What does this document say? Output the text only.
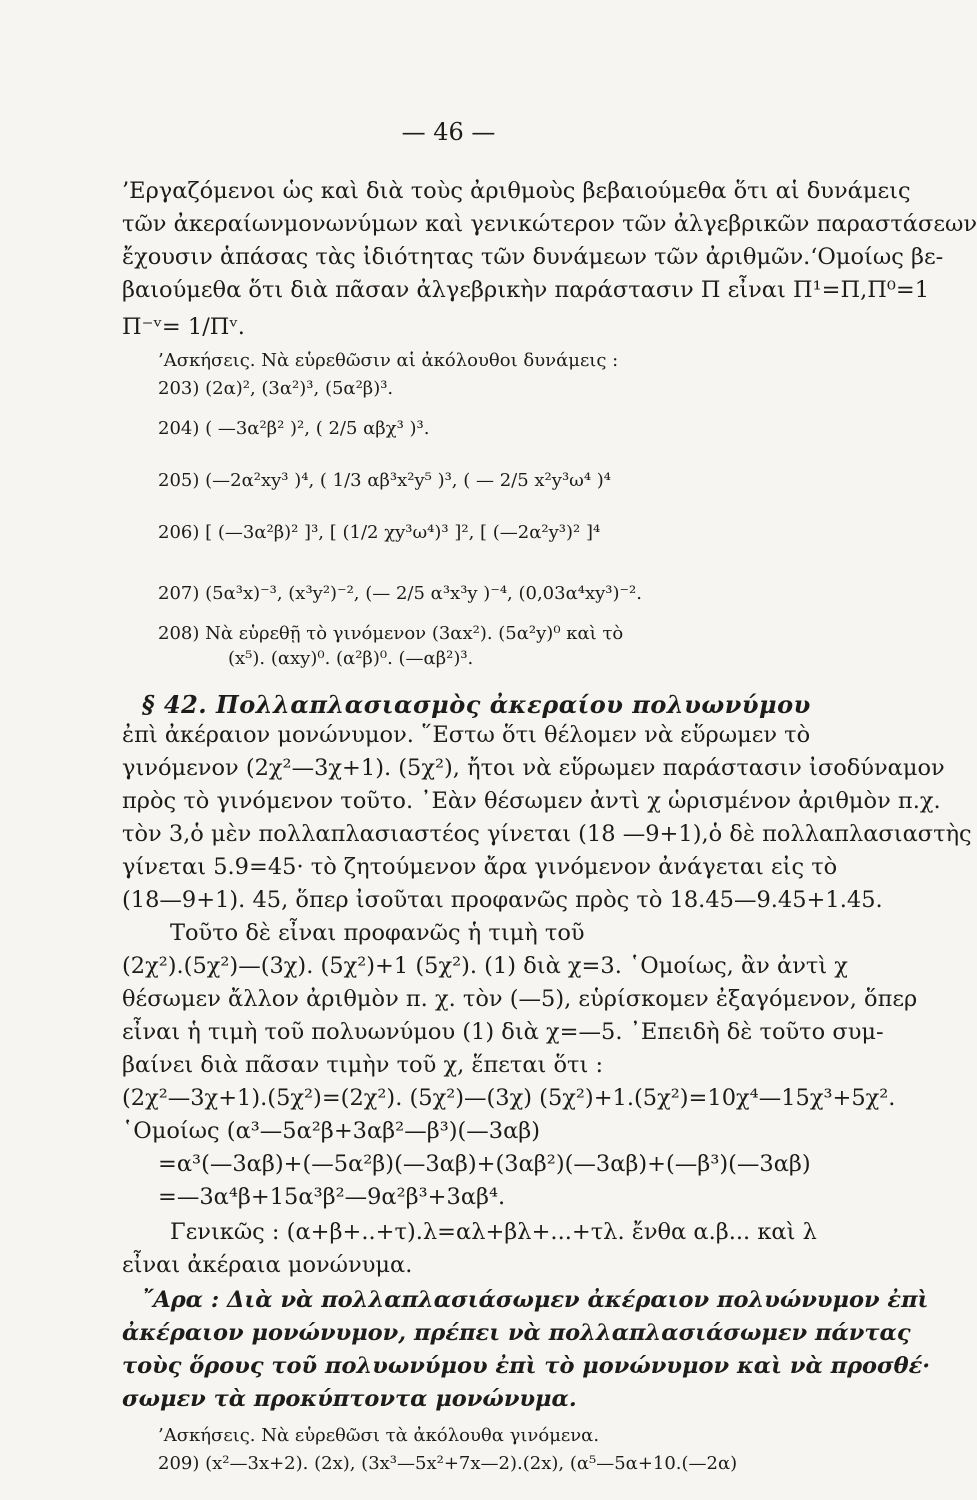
— 46 —
’Εργαζόμενοι ὡς καὶ διὰ τοὺς ἀριθμοὺς βεβαιούμεθα ὅτι αἱ δυνάμεις
τῶν ἀκεραίωνμονωνύμων καὶ γενικώτερον τῶν ἀλγεβρικῶν παραστάσεων
ἔχουσιν ἁπάσας τὰς ἰδιότητας τῶν δυνάμεων τῶν ἀριθμῶν.‘Ομοίως βε-
βαιούμεθα ὅτι διὰ πᾶσαν ἀλγεβρικὴν παράστασιν Π εἶναι Π¹=Π,Π⁰=1
Π⁻ᵛ= 1/Πᵛ.
’Ασκήσεις. Νὰ εὑρεθῶσιν αἱ ἀκόλουθοι δυνάμεις :
203) (2α)², (3α²)³, (5α²β)³.
204) ( —3α²β² )², ( 2/5 αβχ³ )³.
205) (—2α²xy³ )⁴, ( 1/3 αβ³x²y⁵ )³, ( — 2/5 x²y³ω⁴ )⁴
206) [ (—3α²β)² ]³, [ (1/2 χy³ω⁴)³ ]², [ (—2α²y³)² ]⁴
207) (5α³x)⁻³, (x³y²)⁻², (— 2/5 α³x³y )⁻⁴, (0,03α⁴xy³)⁻².
208) Νὰ εὑρεθῇ τὸ γινόμενον (3αx²). (5α²y)⁰ καὶ τὸ
(x⁵). (αxy)⁰. (α²β)⁰. (—αβ²)³.
§ 42. Πολλαπλασιασμὸς ἀκεραίου πολυωνύμου
ἐπὶ ἀκέραιον μονώνυμον. ῞Εστω ὅτι θέλομεν νὰ εὕρωμεν τὸ
γινόμενον (2χ²—3χ+1). (5χ²), ἤτοι νὰ εὕρωμεν παράστασιν ἰσοδύναμον
πρὸς τὸ γινόμενον τοῦτο. ᾿Εὰν θέσωμεν ἀντὶ χ ὡρισμένον ἀριθμὸν π.χ.
τὸν 3,ὁ μὲν πολλαπλασιαστέος γίνεται (18 —9+1),ὁ δὲ πολλαπλασιαστὴς
γίνεται 5.9=45· τὸ ζητούμενον ἄρα γινόμενον ἀνάγεται εἰς τὸ
(18—9+1). 45, ὅπερ ἰσοῦται προφανῶς πρὸς τὸ 18.45—9.45+1.45.
Τοῦτο δὲ εἶναι προφανῶς ἡ τιμὴ τοῦ
(2χ²).(5χ²)—(3χ). (5χ²)+1 (5χ²). (1) διὰ χ=3. ῾Ομοίως, ἂν ἀντὶ χ
θέσωμεν ἄλλον ἀριθμὸν π. χ. τὸν (—5), εὑρίσκομεν ἐξαγόμενον, ὅπερ
εἶναι ἡ τιμὴ τοῦ πολυωνύμου (1) διὰ χ=—5. ᾿Επειδὴ δὲ τοῦτο συμ-
βαίνει διὰ πᾶσαν τιμὴν τοῦ χ, ἕπεται ὅτι :
(2χ²—3χ+1).(5χ²)=(2χ²). (5χ²)—(3χ) (5χ²)+1.(5χ²)=10χ⁴—15χ³+5χ².
῾Ομοίως (α³—5α²β+3αβ²—β³)(—3αβ)
=α³(—3αβ)+(—5α²β)(—3αβ)+(3αβ²)(—3αβ)+(—β³)(—3αβ)
=—3α⁴β+15α³β²—9α²β³+3αβ⁴.
Γενικῶς : (α+β+..+τ).λ=αλ+βλ+...+τλ. ἔνθα α.β... καὶ λ
εἶναι ἀκέραια μονώνυμα.
῎Αρα : Διὰ νὰ πολλαπλασιάσωμεν ἀκέραιον πολυώνυμον ἐπὶ
ἀκέραιον μονώνυμον, πρέπει νὰ πολλαπλασιάσωμεν πάντας
τοὺς ὅρους τοῦ πολυωνύμου ἐπὶ τὸ μονώνυμον καὶ νὰ προσθέ·
σωμεν τὰ προκύπτοντα μονώνυμα.
’Ασκήσεις. Νὰ εὑρεθῶσι τὰ ἀκόλουθα γινόμενα.
209) (x²—3x+2). (2x), (3x³—5x²+7x—2).(2x), (α⁵—5α+10.(—2α)
